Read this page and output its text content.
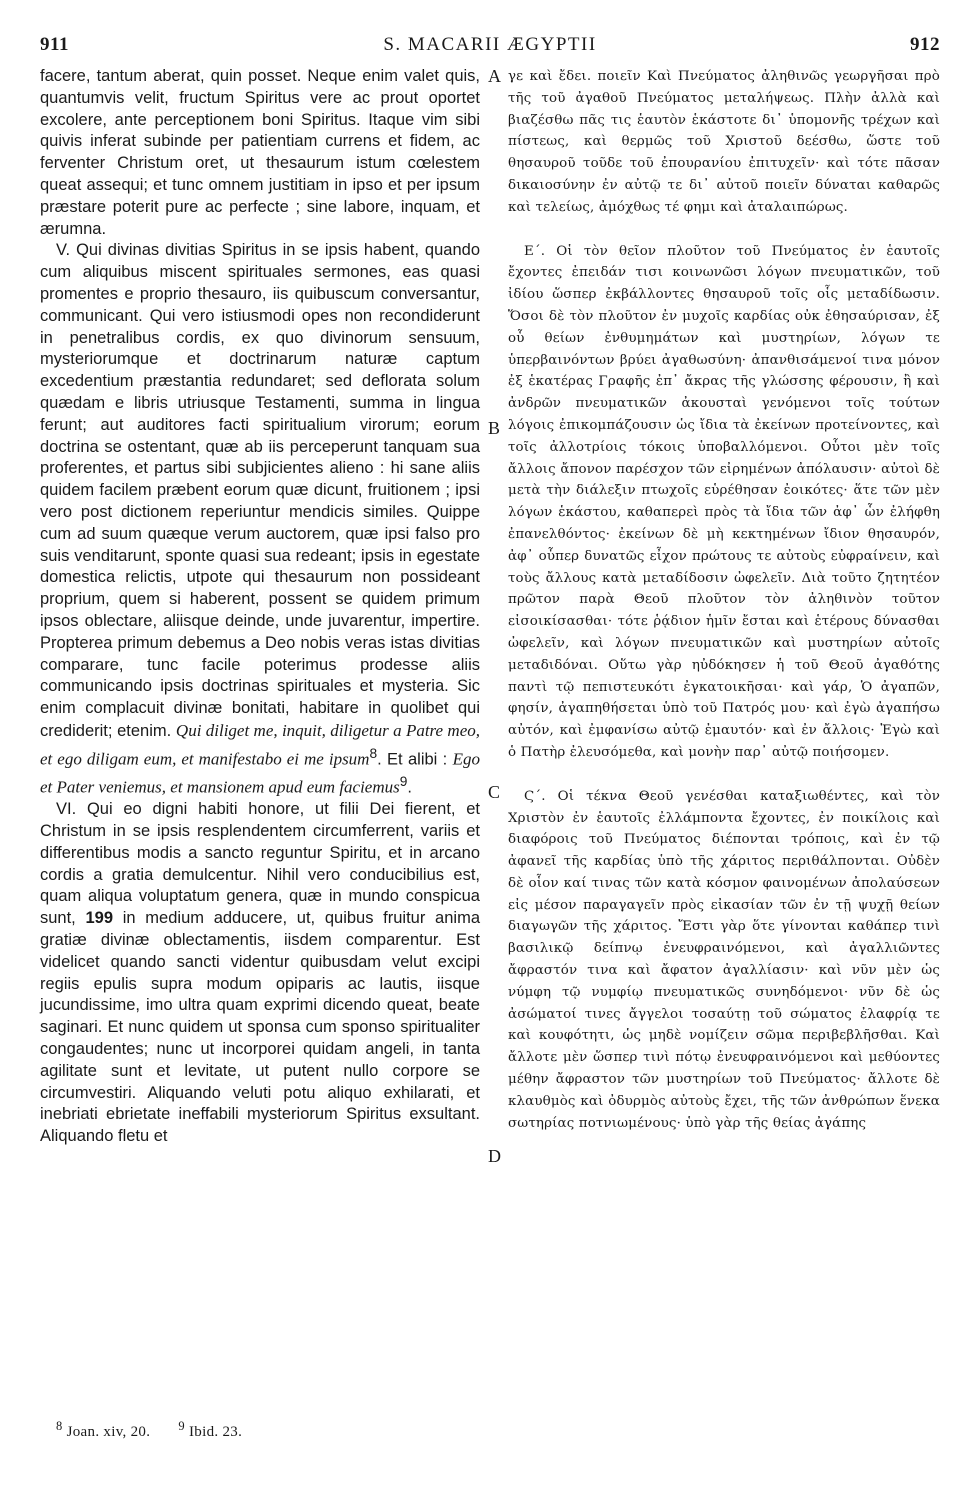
911	S. MACARII ÆGYPTII	912

facere, tantum aberat, quin posset. Neque enim valet quis, quantumvis velit, fructum Spiritus vere ac prout oportet excolere, ante perceptionem boni Spiritus. Itaque vim sibi quivis inferat subinde per patientiam currens et fidem, ac ferventer Christum oret, ut thesaurum istum cœlestem queat assequi; et tunc omnem justitiam in ipso et per ipsum præstare poterit pure ac perfecte ; sine labore, inquam, et ærumna.

V. Qui divinas divitias Spiritus in se ipsis habent, quando cum aliquibus miscent spirituales sermones, eas quasi promentes e proprio thesauro, iis quibuscum conversantur, communicant. Qui vero istiusmodi opes non recondiderunt in penetralibus cordis, ex quo divinorum sensuum, mysteriorumque et doctrinarum naturæ captum excedentium præstantia redundaret; sed deflorata solum quædam e libris utriusque Testamenti, summa in lingua ferunt; aut auditores facti spiritualium virorum; eorum doctrina se ostentant, quæ ab iis perceperunt tanquam sua proferentes, et partus sibi subjicientes alieno : hi sane aliis quidem facilem præbent eorum quæ dicunt, fruitionem ; ipsi vero post dictionem reperiuntur mendicis similes. Quippe cum ad suum quæque verum auctorem, quæ ipsi falso pro suis venditarunt, sponte quasi sua redeant; ipsis in egestate domestica relictis, utpote qui thesaurum non possideant proprium, quem si haberent, possent se quidem primum ipsos oblectare, aliisque deinde, unde juvarentur, impertire. Propterea primum debemus a Deo nobis veras istas divitias comparare, tunc facile poterimus prodesse aliis communicando ipsis doctrinas spirituales et mysteria. Sic enim complacuit divinæ bonitati, habitare in quolibet qui crediderit; etenim. Qui diliget me, inquit, diligetur a Patre meo, et ego diligam eum, et manifestabo ei me ipsum$^8$. Et alibi : Ego et Pater veniemus, et mansionem apud eum faciemus$^9$.

VI. Qui eo digni habiti honore, ut filii Dei fierent, et Christum in se ipsis resplendentem circumferrent, variis et differentibus modis a sancto reguntur Spiritu, et in arcano cordis a gratia demulcentur. Nihil vero conducibilius est, quam aliqua voluptatum genera, quæ in mundo conspicua sunt, 199 in medium adducere, ut, quibus fruitur anima gratiæ divinæ oblectamentis, iisdem comparentur. Est videlicet quando sancti videntur quibusdam velut excipi regiis epulis supra modum opiparis ac lautis, iisque jucundissime, imo ultra quam exprimi dicendo queat, beate saginari. Et nunc quidem ut sponsa cum sponso spiritualiter congaudentes; nunc ut incorporei quidam angeli, in tanta agilitate sunt et levitate, ut putent nullo corpore se circumvestiri. Aliquando veluti potu aliquo exhilarati, et inebriati ebrietate ineffabili mysteriorum Spiritus exsultant. Aliquando fletu et

γε καὶ ἔδει. ποιεῖν Καὶ Πνεύματος ἀληθινῶς γεωργῆσαι πρὸ τῆς τοῦ ἀγαθοῦ Πνεύματος μεταλήψεως. Πλὴν ἀλλὰ καὶ βιαζέσθω πᾶς τις ἑαυτὸν ἑκάστοτε δι᾽ ὑπομονῆς τρέχων καὶ πίστεως, καὶ θερμῶς τοῦ Χριστοῦ δεέσθω, ὥστε τοῦ θησαυροῦ τοῦδε τοῦ ἐπουρανίου ἐπιτυχεῖν· καὶ τότε πᾶσαν δικαιοσύνην ἐν αὐτῷ τε δι᾽ αὐτοῦ ποιεῖν δύναται καθαρῶς καὶ τελείως, ἀμόχθως τέ φημι καὶ ἀταλαιπώρως.

Ε΄. Οἱ τὸν θεῖον πλοῦτον τοῦ Πνεύματος ἐν ἑαυτοῖς ἔχοντες ἐπειδάν τισι κοινωνῶσι λόγων πνευματικῶν, τοῦ ἰδίου ὥσπερ ἐκβάλλοντες θησαυροῦ τοῖς οἷς μεταδίδωσιν. Ὅσοι δὲ τὸν πλοῦτον ἐν μυχοῖς καρδίας οὐκ ἐθησαύρισαν, ἐξ οὗ θείων ἐνθυμημάτων καὶ μυστηρίων, λόγων τε ὑπερβαινόντων βρύει ἀγαθωσύνη· ἀπανθισάμενοί τινα μόνον ἐξ ἑκατέρας Γραφῆς ἐπ᾽ ἄκρας τῆς γλώσσης φέρουσιν, ἢ καὶ ἀνδρῶν πνευματικῶν ἀκουσταὶ γενόμενοι τοῖς τούτων λόγοις ἐπικομπάζουσιν ὡς ἴδια τὰ ἐκείνων προτείνοντες, καὶ τοῖς ἀλλοτρίοις τόκοις ὑποβαλλόμενοι. Οὗτοι μὲν τοῖς ἄλλοις ἄπονον παρέσχον τῶν εἰρημένων ἀπόλαυσιν· αὐτοὶ δὲ μετὰ τὴν διάλεξιν πτωχοῖς εὑρέθησαν ἐοικότες· ἅτε τῶν μὲν λόγων ἑκάστου, καθαπερεὶ πρὸς τὰ ἴδια τῶν ἀφ᾽ ὧν ἐλήφθη ἐπανελθόντος· ἐκείνων δὲ μὴ κεκτημένων ἴδιον θησαυρόν, ἀφ᾽ οὗπερ δυνατῶς εἶχον πρώτους τε αὐτοὺς εὐφραίνειν, καὶ τοὺς ἄλλους κατὰ μεταδίδοσιν ὠφελεῖν. Διὰ τοῦτο ζητητέον πρῶτον παρὰ Θεοῦ πλοῦτον τὸν ἀληθινὸν τοῦτον εἰσοικίσασθαι· τότε ῥᾴδιον ἡμῖν ἔσται καὶ ἑτέρους δύνασθαι ὠφελεῖν, καὶ λόγων πνευματικῶν καὶ μυστηρίων αὐτοῖς μεταδιδόναι. Οὕτω γὰρ ηὐδόκησεν ἡ τοῦ Θεοῦ ἀγαθότης παντὶ τῷ πεπιστευκότι ἐγκατοικῆσαι· καὶ γάρ, Ὁ ἀγαπῶν, φησίν, ἀγαπηθήσεται ὑπὸ τοῦ Πατρός μου· καὶ ἐγὼ ἀγαπήσω αὐτόν, καὶ ἐμφανίσω αὐτῷ ἐμαυτόν· καὶ ἐν ἄλλοις· Ἐγὼ καὶ ὁ Πατὴρ ἐλευσόμεθα, καὶ μονὴν παρ᾽ αὐτῷ ποιήσομεν.

Ϛ΄. Οἱ τέκνα Θεοῦ γενέσθαι καταξιωθέντες, καὶ τὸν Χριστὸν ἐν ἑαυτοῖς ἐλλάμποντα ἔχοντες, ἐν ποικίλοις καὶ διαφόροις τοῦ Πνεύματος διέπονται τρόποις, καὶ ἐν τῷ ἀφανεῖ τῆς καρδίας ὑπὸ τῆς χάριτος περιθάλπονται. Οὐδὲν δὲ οἷον καί τινας τῶν κατὰ κόσμον φαινομένων ἀπολαύσεων εἰς μέσον παραγαγεῖν πρὸς εἰκασίαν τῶν ἐν τῇ ψυχῇ θείων διαγωγῶν τῆς χάριτος. Ἔστι γὰρ ὅτε γίνονται καθάπερ τινὶ βασιλικῷ δείπνῳ ἐνευφραινόμενοι, καὶ ἀγαλλιῶντες ἄφραστόν τινα καὶ ἄφατον ἀγαλλίασιν· καὶ νῦν μὲν ὡς νύμφη τῷ νυμφίῳ πνευματικῶς συνηδόμενοι· νῦν δὲ ὡς ἀσώματοί τινες ἄγγελοι τοσαύτῃ τοῦ σώματος ἐλαφρίᾳ τε καὶ κουφότητι, ὡς μηδὲ νομίζειν σῶμα περιβεβλῆσθαι. Καὶ ἄλλοτε μὲν ὥσπερ τινὶ πότῳ ἐνευφραινόμενοι καὶ μεθύοντες μέθην ἄφραστον τῶν μυστηρίων τοῦ Πνεύματος· ἄλλοτε δὲ κλαυθμὸς καὶ ὀδυρμὸς αὐτοὺς ἔχει, τῆς τῶν ἀνθρώπων ἕνεκα σωτηρίας ποτνιωμένους· ὑπὸ γὰρ τῆς θείας ἀγάπης

A
B
C
D
$^8$ Joan. xiv, 20. $^9$ Ibid. 23.
